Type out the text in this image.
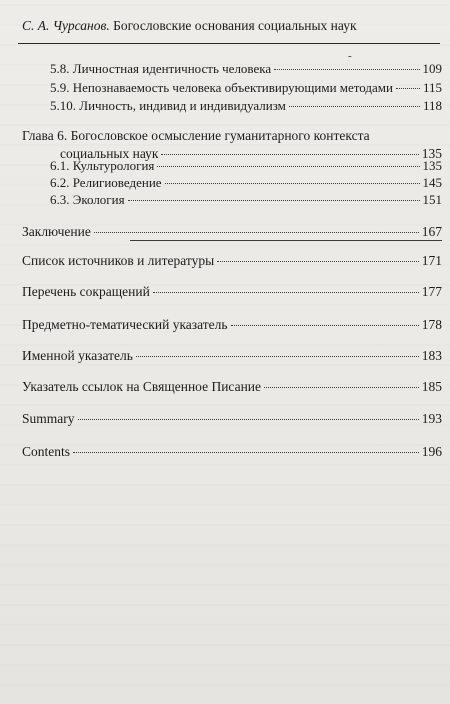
С. А. Чурсанов. Богословские основания социальных наук
-
5.8. Личностная идентичность человека	109
5.9. Непознаваемость человека объективирующими методами 115
5.10. Личность, индивид и индивидуализм	118
Глава 6. Богословское осмысление гуманитарного контекста
социальных наук	135
6.1. Культурология	135
6.2. Религиоведение	145
6.3. Экология	151
Заключение	167
Список источников и литературы	171
Перечень сокращений	177
Предметно-тематический указатель	178
Именной указатель	183
Указатель ссылок на Священное Писание	185
Summary	193
Contents	196
